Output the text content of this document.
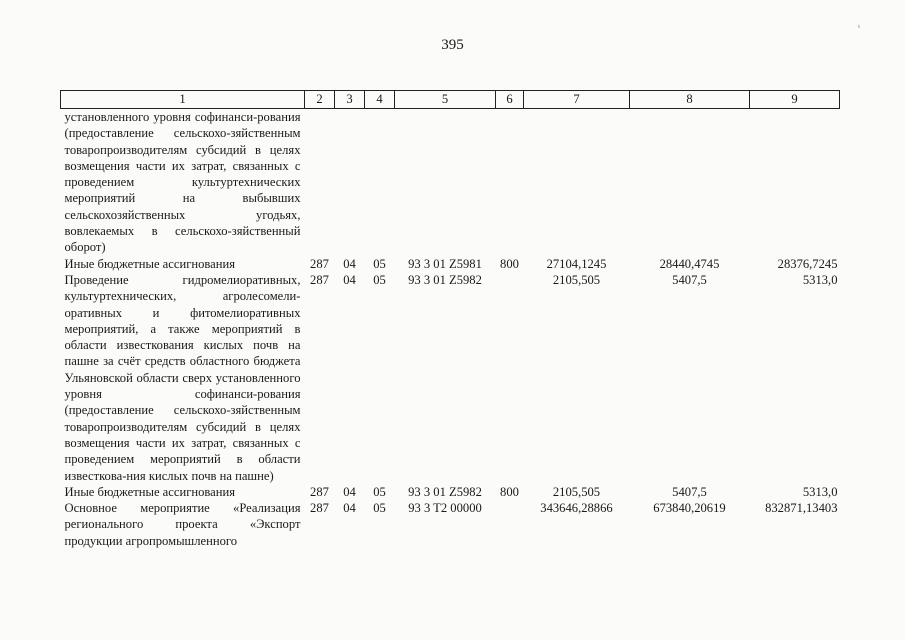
395
ᶥ
1	2	3	4	5	6	7	8	9
установленного уровня софинанси-рования (предоставление сельскохо-зяйственным товаропроизводителям субсидий в целях возмещения части их затрат, связанных с проведением культуртехнических мероприятий на выбывших сельскохозяйственных угодьях, вовлекаемых в сельскохо-зяйственный оборот)								
Иные бюджетные ассигнования	287	04	05	93 3 01 Z5981	800	27104,1245	28440,4745	28376,7245
Проведение гидромелиоративных, культуртехнических, агролесомели-оративных и фитомелиоративных мероприятий, а также мероприятий в области известкования кислых почв на пашне за счёт средств областного бюджета Ульяновской области сверх установленного уровня софинанси-рования (предоставление сельскохо-зяйственным товаропроизводителям субсидий в целях возмещения части их затрат, связанных с проведением мероприятий в области известкова-ния кислых почв на пашне)	287	04	05	93 3 01 Z5982		2105,505	5407,5	5313,0
Иные бюджетные ассигнования	287	04	05	93 3 01 Z5982	800	2105,505	5407,5	5313,0
Основное мероприятие «Реализация регионального проекта «Экспорт продукции агропромышленного	287	04	05	93 3 T2 00000		343646,28866	673840,20619	832871,13403
